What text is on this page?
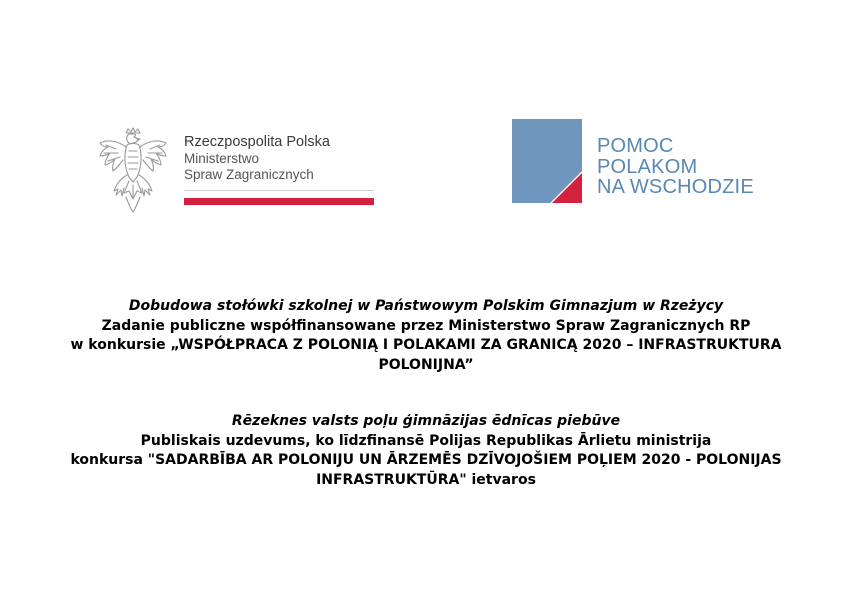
Rzeczpospolita Polska
Ministerstwo
Spraw Zagranicznych
POMOC
POLAKOM
NA WSCHODZIE
Dobudowa stołówki szkolnej w Państwowym Polskim Gimnazjum w Rzeżycy
Zadanie publiczne współfinansowane przez Ministerstwo Spraw Zagranicznych RP
w konkursie „WSPÓŁPRACA Z POLONIĄ I POLAKAMI ZA GRANICĄ 2020 – INFRASTRUKTURA
POLONIJNA”
Rēzeknes valsts poļu ģimnāzijas ēdnīcas piebūve
Publiskais uzdevums, ko līdzfinansē Polijas Republikas Ārlietu ministrija
konkursa "SADARBĪBA AR POLONIJU UN ĀRZEMĒS DZĪVOJOŠIEM POĻIEM 2020 - POLONIJAS
INFRASTRUKTŪRA" ietvaros
